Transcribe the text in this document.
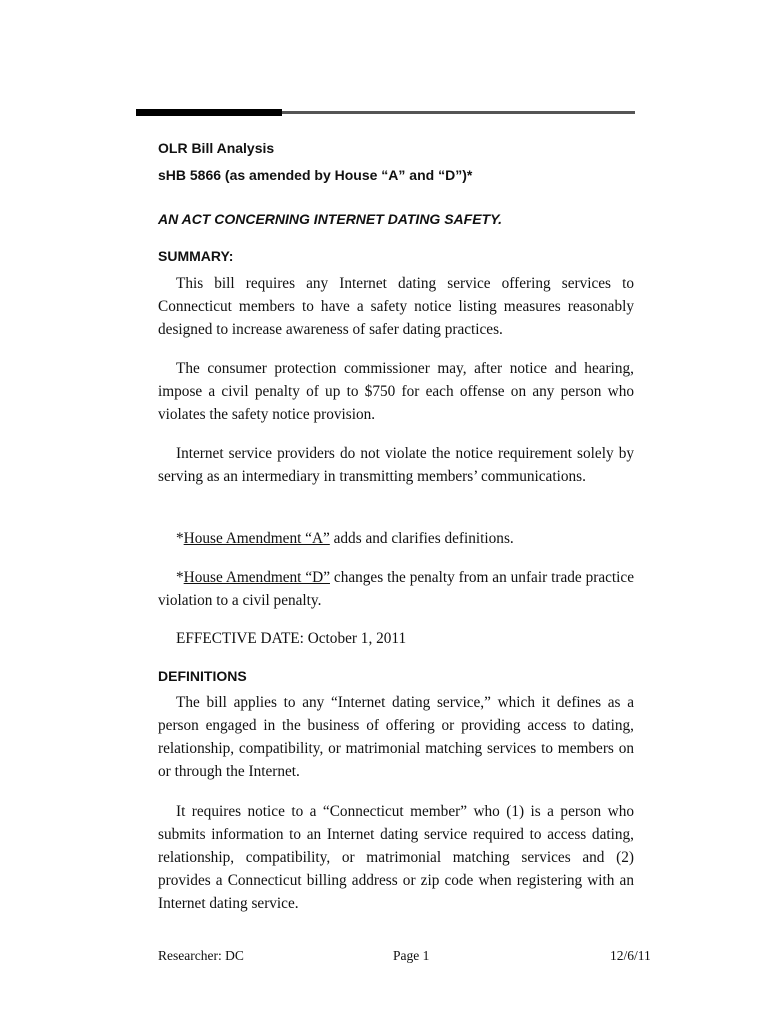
OLR Bill Analysis
sHB 5866 (as amended by House “A” and “D”)*
AN ACT CONCERNING INTERNET DATING SAFETY.
SUMMARY:

This bill requires any Internet dating service offering services to Connecticut members to have a safety notice listing measures reasonably designed to increase awareness of safer dating practices.

The consumer protection commissioner may, after notice and hearing, impose a civil penalty of up to $750 for each offense on any person who violates the safety notice provision.

Internet service providers do not violate the notice requirement solely by serving as an intermediary in transmitting members’ communications.

*House Amendment “A” adds and clarifies definitions.

*House Amendment “D” changes the penalty from an unfair trade practice violation to a civil penalty.

EFFECTIVE DATE: October 1, 2011

DEFINITIONS

The bill applies to any “Internet dating service,” which it defines as a person engaged in the business of offering or providing access to dating, relationship, compatibility, or matrimonial matching services to members on or through the Internet.

It requires notice to a “Connecticut member” who (1) is a person who submits information to an Internet dating service required to access dating, relationship, compatibility, or matrimonial matching services and (2) provides a Connecticut billing address or zip code when registering with an Internet dating service.

Researcher: DC	Page 1	12/6/11
